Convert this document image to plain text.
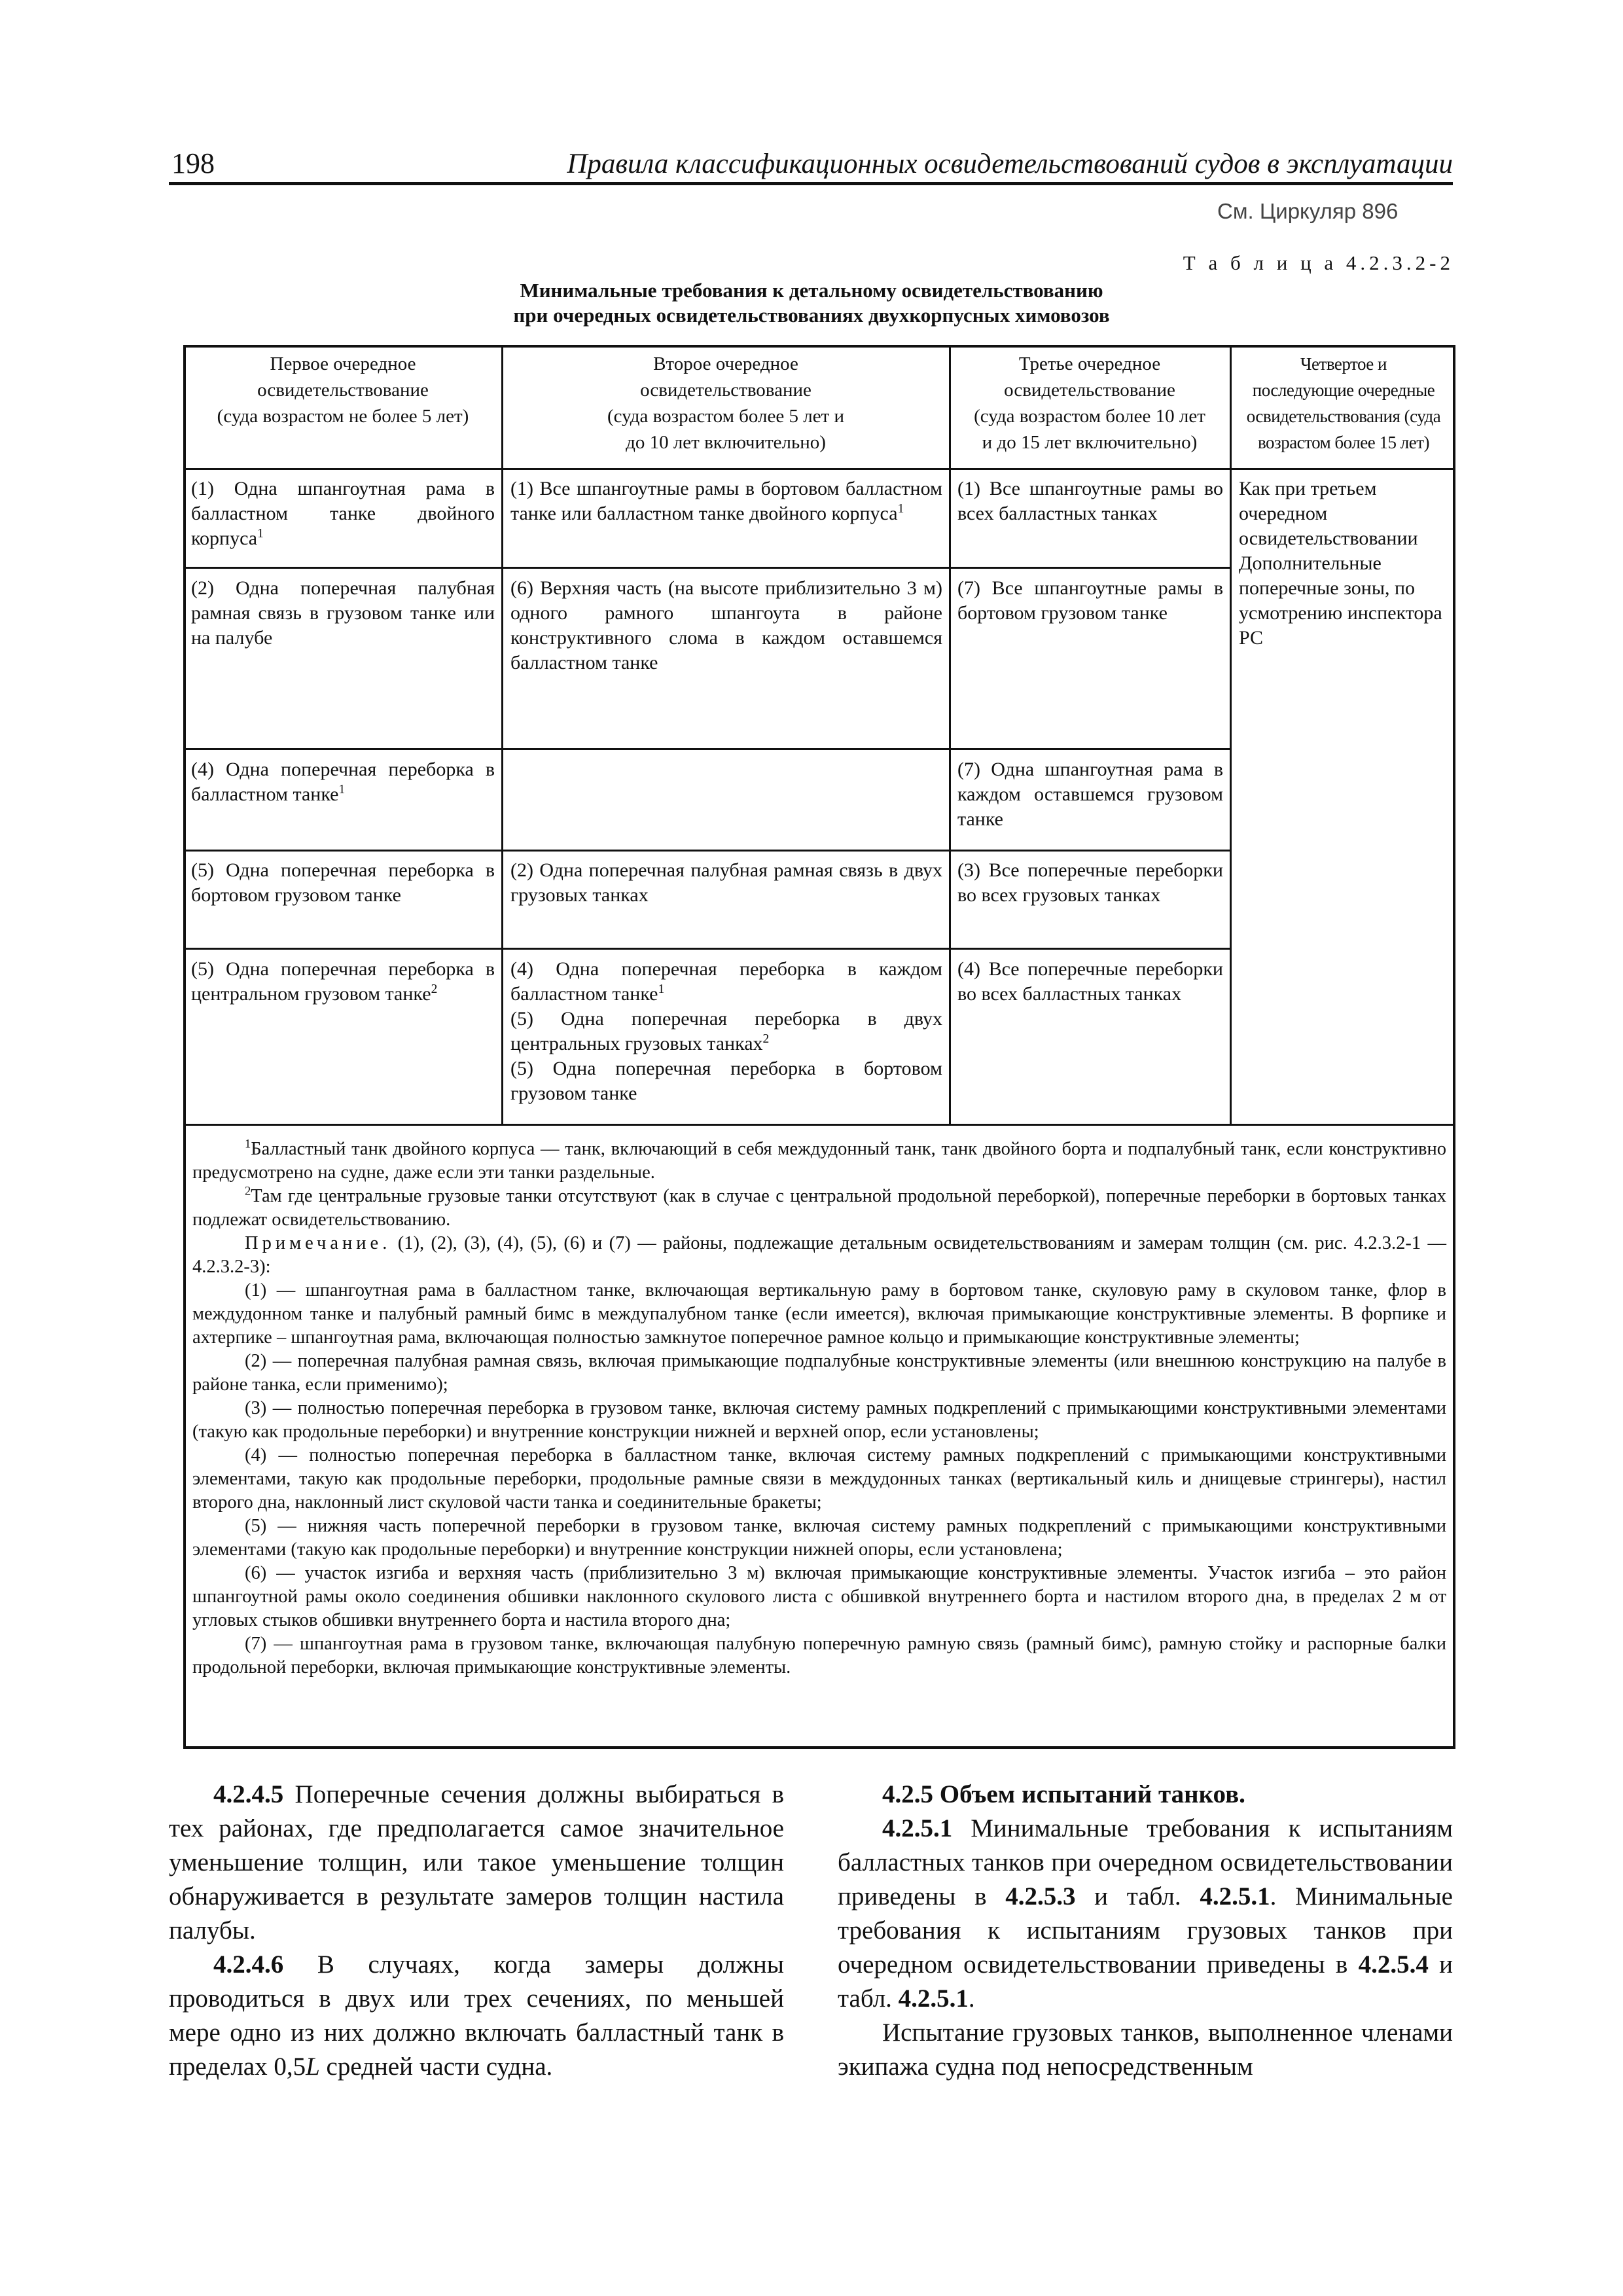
198	Правила классификационных освидетельствований судов в эксплуатации
См. Циркуляр 896
Т а б л и ц а 4.2.3.2-2
Минимальные требования к детальному освидетельствованию
при очередных освидетельствованиях двухкорпусных химовозов
Первое очередное
освидетельствование
(суда возрастом не более 5 лет)
Второе очередное
освидетельствование
(суда возрастом более 5 лет и
до 10 лет включительно)
Третье очередное
освидетельствование
(суда возрастом более 10 лет
и до 15 лет включительно)
Четвертое и
последующие очередные
освидетельствования (суда
возрастом более 15 лет)
(1) Одна шпангоутная рама в балластном танке двойного корпуса$^1$
(2) Одна поперечная палубная рамная связь в грузовом танке или на палубе
(4) Одна поперечная переборка в балластном танке$^1$
(5) Одна поперечная переборка в бортовом грузовом танке
(5) Одна поперечная переборка в центральном грузовом танке$^2$
(1) Все шпангоутные рамы в бортовом балластном танке или балластном танке двойного корпуса$^1$
(6) Верхняя часть (на высоте приблизительно 3 м) одного рамного шпангоута в районе конструктивного слома в каждом оставшемся балластном танке
(2) Одна поперечная палубная рамная связь в двух грузовых танках
(4) Одна поперечная переборка в каждом балластном танке$^1$
(5) Одна поперечная переборка в двух центральных грузовых танках$^2$
(5) Одна поперечная переборка в бортовом грузовом танке
(1) Все шпангоутные рамы во всех балластных танках
(7) Все шпангоутные рамы в бортовом грузовом танке
(7) Одна шпангоутная рама в каждом оставшемся грузовом танке
(3) Все поперечные переборки во всех грузовых танках
(4) Все поперечные переборки во всех балластных танках
Как при третьем очередном освидетельствовании
Дополнительные поперечные зоны, по усмотрению инспектора РС

$^1$Балластный танк двойного корпуса — танк, включающий в себя междудонный танк, танк двойного борта и подпалубный танк, если конструктивно предусмотрено на судне, даже если эти танки раздельные.

$^2$Там где центральные грузовые танки отсутствуют (как в случае с центральной продольной переборкой), поперечные переборки в бортовых танках подлежат освидетельствованию.

Примечание. (1), (2), (3), (4), (5), (6) и (7) — районы, подлежащие детальным освидетельствованиям и замерам толщин (см. рис. 4.2.3.2-1 — 4.2.3.2-3):

(1) — шпангоутная рама в балластном танке, включающая вертикальную раму в бортовом танке, скуловую раму в скуловом танке, флор в междудонном танке и палубный рамный бимс в междупалубном танке (если имеется), включая примыкающие конструктивные элементы. В форпике и ахтерпике – шпангоутная рама, включающая полностью замкнутое поперечное рамное кольцо и примыкающие конструктивные элементы;

(2) — поперечная палубная рамная связь, включая примыкающие подпалубные конструктивные элементы (или внешнюю конструкцию на палубе в районе танка, если применимо);

(3) — полностью поперечная переборка в грузовом танке, включая систему рамных подкреплений с примыкающими конструктивными элементами (такую как продольные переборки) и внутренние конструкции нижней и верхней опор, если установлены;

(4) — полностью поперечная переборка в балластном танке, включая систему рамных подкреплений с примыкающими конструктивными элементами, такую как продольные переборки, продольные рамные связи в междудонных танках (вертикальный киль и днищевые стрингеры), настил второго дна, наклонный лист скуловой части танка и соединительные бракеты;

(5) — нижняя часть поперечной переборки в грузовом танке, включая систему рамных подкреплений с примыкающими конструктивными элементами (такую как продольные переборки) и внутренние конструкции нижней опоры, если установлена;

(6) — участок изгиба и верхняя часть (приблизительно 3 м) включая примыкающие конструктивные элементы. Участок изгиба – это район шпангоутной рамы около соединения обшивки наклонного скулового листа с обшивкой внутреннего борта и настилом второго дна, в пределах 2 м от угловых стыков обшивки внутреннего борта и настила второго дна;

(7) — шпангоутная рама в грузовом танке, включающая палубную поперечную рамную связь (рамный бимс), рамную стойку и распорные балки продольной переборки, включая примыкающие конструктивные элементы.

4.2.4.5 Поперечные сечения должны выбираться в тех районах, где предполагается самое значительное уменьшение толщин, или такое уменьшение толщин обнаруживается в результате замеров толщин настила палубы.

4.2.4.6 В случаях, когда замеры должны проводиться в двух или трех сечениях, по меньшей мере одно из них должно включать балластный танк в пределах 0,5L средней части судна.

4.2.5 Объем испытаний танков.

4.2.5.1 Минимальные требования к испытаниям балластных танков при очередном освидетельствовании приведены в 4.2.5.3 и табл. 4.2.5.1. Минимальные требования к испытаниям грузовых танков при очередном освидетельствовании приведены в 4.2.5.4 и табл. 4.2.5.1.

Испытание грузовых танков, выполненное членами экипажа судна под непосредственным
